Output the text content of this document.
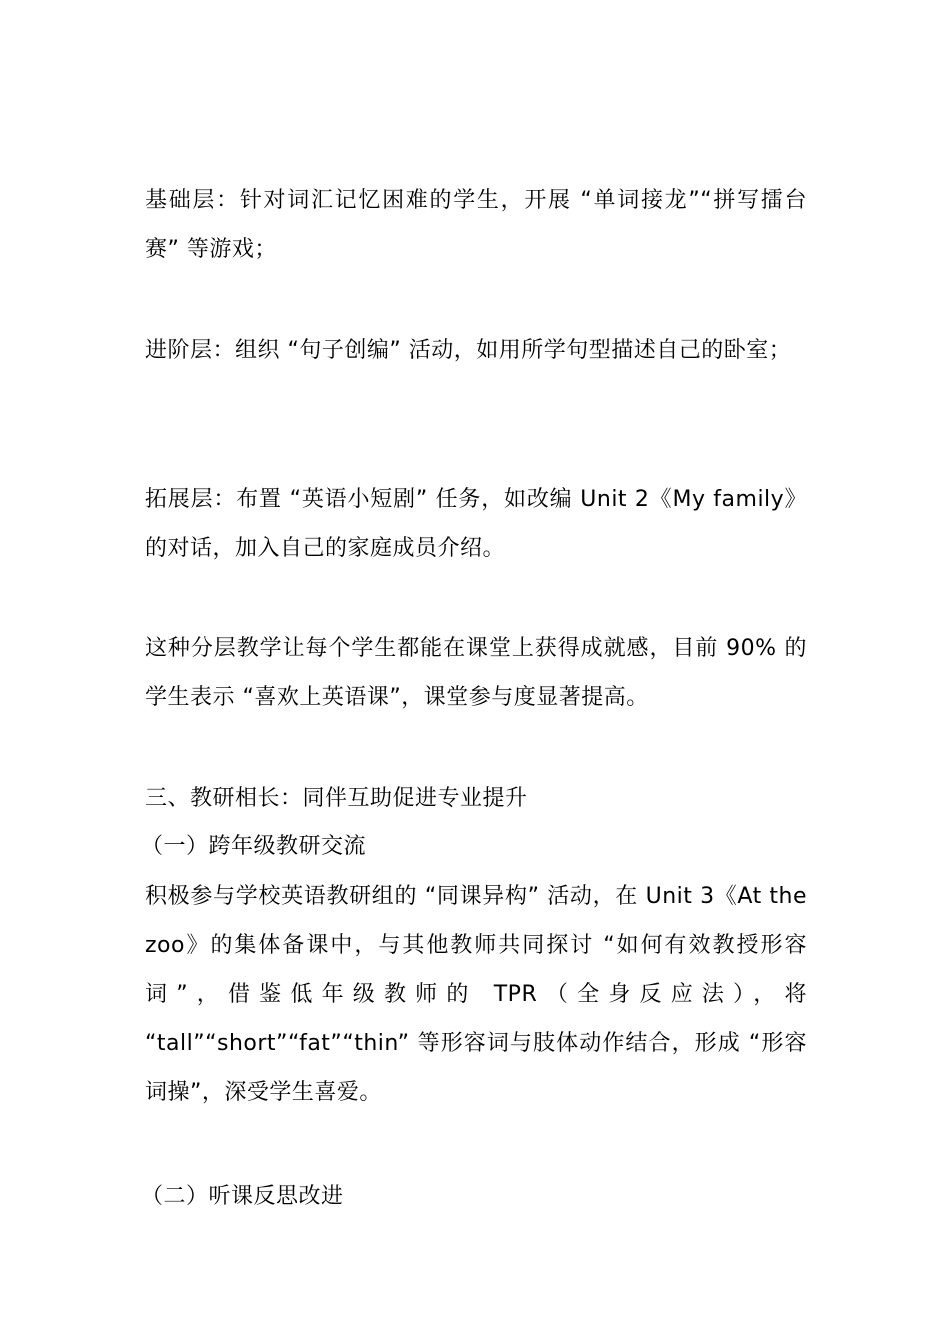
基础层：针对词汇记忆困难的学生，开展 “单词接龙”“拼写擂台赛” 等游戏；

进阶层：组织 “句子创编” 活动，如用所学句型描述自己的卧室；

拓展层：布置 “英语小短剧” 任务，如改编 Unit 2《My family》的对话，加入自己的家庭成员介绍。

这种分层教学让每个学生都能在课堂上获得成就感，目前 90% 的学生表示 “喜欢上英语课”，课堂参与度显著提高。

三、教研相长：同伴互助促进专业提升
（一）跨年级教研交流

积极参与学校英语教研组的 “同课异构” 活动，在 Unit 3《At the zoo》的集体备课中，与其他教师共同探讨 “如何有效教授形容词”，借鉴低年级教师的 TPR（全身反应法），将 “tall”“short”“fat”“thin” 等形容词与肢体动作结合，形成 “形容词操”，深受学生喜爱。

（二）听课反思改进
